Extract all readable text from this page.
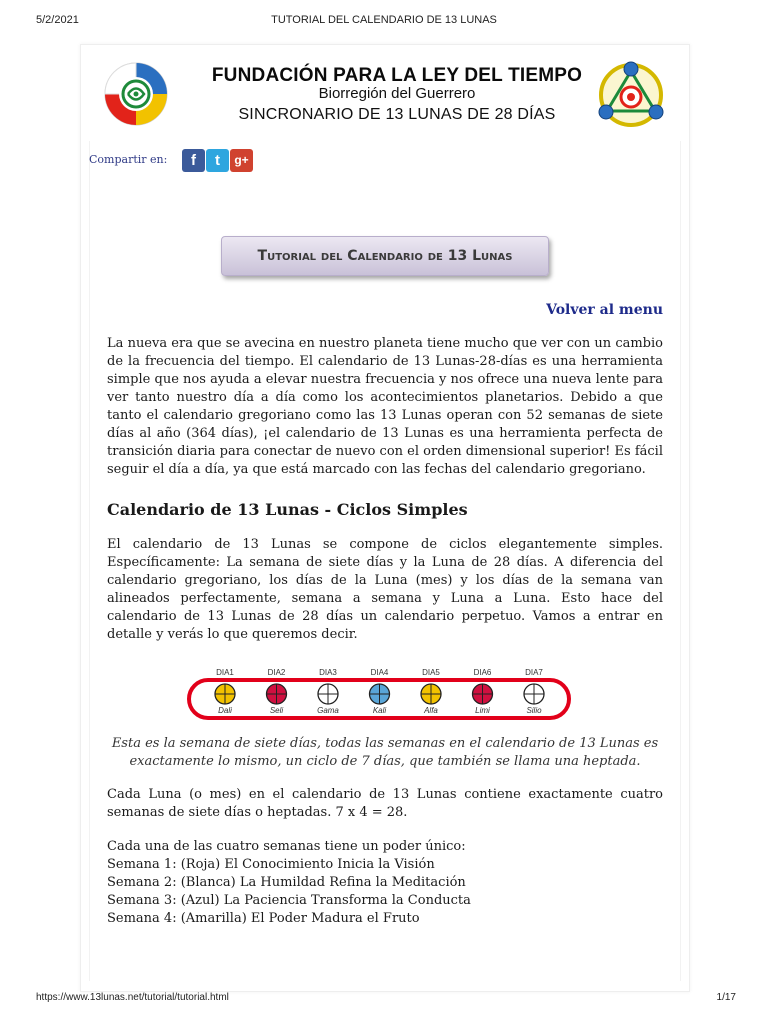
5/2/2021	TUTORIAL DEL CALENDARIO DE 13 LUNAS
FUNDACIÓN PARA LA LEY DEL TIEMPO
Biorregión del Guerrero
SINCRONARIO DE 13 LUNAS DE 28 DÍAS
Compartir en:	f	t	g+
Tutorial del Calendario de 13 Lunas
Volver al menu
La nueva era que se avecina en nuestro planeta tiene mucho que ver con un cambio de la frecuencia del tiempo. El calendario de 13 Lunas-28-días es una herramienta simple que nos ayuda a elevar nuestra frecuencia y nos ofrece una nueva lente para ver tanto nuestro día a día como los acontecimientos planetarios. Debido a que tanto el calendario gregoriano como las 13 Lunas operan con 52 semanas de siete días al año (364 días), ¡el calendario de 13 Lunas es una herramienta perfecta de transición diaria para conectar de nuevo con el orden dimensional superior! Es fácil seguir el día a día, ya que está marcado con las fechas del calendario gregoriano.
Calendario de 13 Lunas - Ciclos Simples
El calendario de 13 Lunas se compone de ciclos elegantemente simples. Específicamente: La semana de siete días y la Luna de 28 días. A diferencia del calendario gregoriano, los días de la Luna (mes) y los días de la semana van alineados perfectamente, semana a semana y Luna a Luna. Esto hace del calendario de 13 Lunas de 28 días un calendario perpetuo. Vamos a entrar en detalle y verás lo que queremos decir.
DIA1
Dali
DIA2
Seli
DIA3
Gama
DIA4
Kali
DIA5
Alfa
DIA6
Limi
DIA7
Silio
Esta es la semana de siete días, todas las semanas en el calendario de 13 Lunas es exactamente lo mismo, un ciclo de 7 días, que también se llama una heptada.
Cada Luna (o mes) en el calendario de 13 Lunas contiene exactamente cuatro semanas de siete días o heptadas. 7 x 4 = 28.
Cada una de las cuatro semanas tiene un poder único:
Semana 1: (Roja) El Conocimiento Inicia la Visión
Semana 2: (Blanca) La Humildad Refina la Meditación
Semana 3: (Azul) La Paciencia Transforma la Conducta
Semana 4: (Amarilla) El Poder Madura el Fruto
https://www.13lunas.net/tutorial/tutorial.html	1/17
